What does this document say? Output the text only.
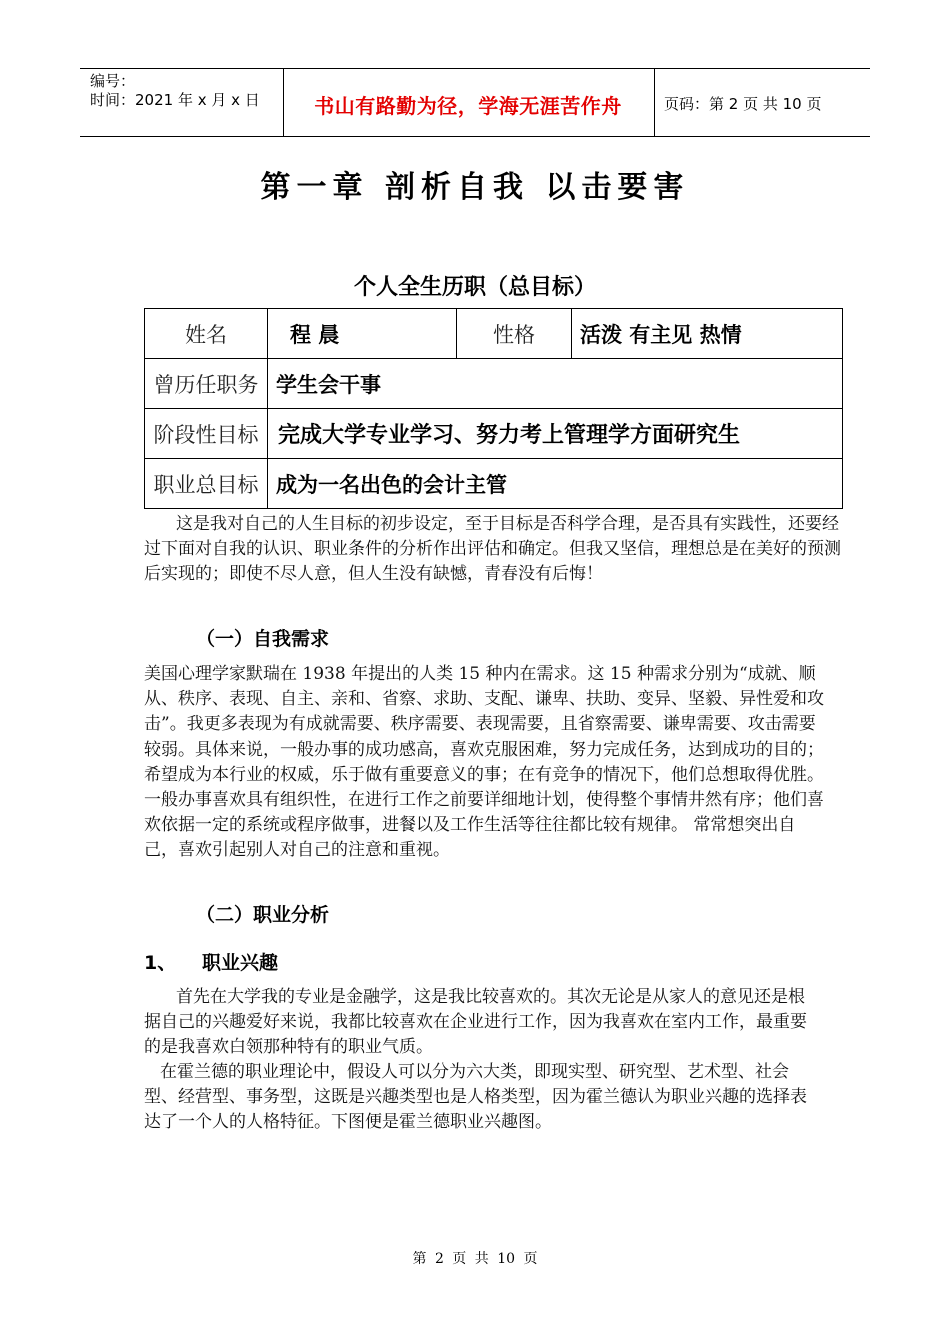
编号：
时间：2021 年 x 月 x 日	书山有路勤为径，学海无涯苦作舟	页码：第 2 页 共 10 页
第一章 剖析自我 以击要害
个人全生历职（总目标）
姓名	程 晨	性格	活泼 有主见 热情
曾历任职务	学生会干事		
阶段性目标	完成大学专业学习、努力考上管理学方面研究生		
职业总目标	成为一名出色的会计主管		
这是我对自己的人生目标的初步设定，至于目标是否科学合理，是否具有实践性，还要经过下面对自我的认识、职业条件的分析作出评估和确定。但我又坚信，理想总是在美好的预测后实现的；即使不尽人意，但人生没有缺憾，青春没有后悔！
（一）自我需求
美国心理学家默瑞在 1938 年提出的人类 15 种内在需求。这 15 种需求分别为“成就、顺从、秩序、表现、自主、亲和、省察、求助、支配、谦卑、扶助、变异、坚毅、异性爱和攻击”。我更多表现为有成就需要、秩序需要、表现需要，且省察需要、谦卑需要、攻击需要较弱。具体来说，一般办事的成功感高，喜欢克服困难，努力完成任务，达到成功的目的；希望成为本行业的权威，乐于做有重要意义的事；在有竞争的情况下，他们总想取得优胜。 一般办事喜欢具有组织性，在进行工作之前要详细地计划，使得整个事情井然有序；他们喜欢依据一定的系统或程序做事，进餐以及工作生活等往往都比较有规律。 常常想突出自己，喜欢引起别人对自己的注意和重视。
（二）职业分析
1、 职业兴趣
首先在大学我的专业是金融学，这是我比较喜欢的。其次无论是从家人的意见还是根据自己的兴趣爱好来说，我都比较喜欢在企业进行工作，因为我喜欢在室内工作，最重要的是我喜欢白领那种特有的职业气质。
在霍兰德的职业理论中，假设人可以分为六大类，即现实型、研究型、艺术型、社会型、经营型、事务型，这既是兴趣类型也是人格类型，因为霍兰德认为职业兴趣的选择表达了一个人的人格特征。下图便是霍兰德职业兴趣图。
第 2 页 共 10 页
